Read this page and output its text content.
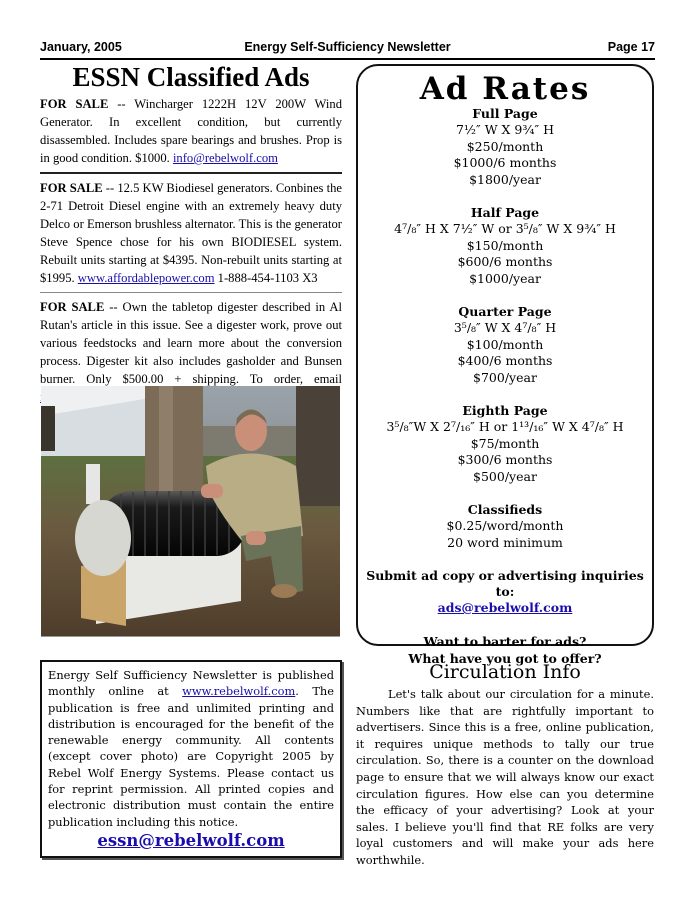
January, 2005	Energy Self-Sufficiency Newsletter	Page 17
ESSN Classified Ads
FOR SALE -- Wincharger 1222H 12V 200W Wind Generator. In excellent condition, but currently disassembled. Includes spare bearings and brushes. Prop is in good condition. $1000. info@rebelwolf.com
FOR SALE -- 12.5 KW Biodiesel generators. Conbines the 2-71 Detroit Diesel engine with an extremely heavy duty Delco or Emerson brushless alternator. This is the generator Steve Spence chose for his own BIODIESEL system. Rebuilt units starting at $4395. Non-rebuilt units starting at $1995. www.affordablepower.com 1-888-454-1103 X3
FOR SALE -- Own the tabletop digester described in Al Rutan's article in this issue. See a digester work, prove out various feedstocks and learn more about the conversion process. Digester kit also includes gasholder and Bunsen burner. Only $500.00 + shipping. To order, email
Ad Rates
Full Page
7½″ W X 9¾″ H
$250/month
$1000/6 months
$1800/year
Half Page
4⁷/₈″ H X 7½″ W or 3⁵/₈″ W X 9¾″ H
$150/month
$600/6 months
$1000/year
Quarter Page
3⁵/₈″ W X 4⁷/₈″ H
$100/month
$400/6 months
$700/year
Eighth Page
3⁵/₈″W X 2⁷/₁₆″ H or 1¹³/₁₆″ W X 4⁷/₈″ H
$75/month
$300/6 months
$500/year
Classifieds
$0.25/word/month
20 word minimum
Submit ad copy or advertising inquiries to:
ads@rebelwolf.com
Want to barter for ads?
What have you got to offer?
Energy Self Sufficiency Newsletter is published monthly online at www.rebelwolf.com. The publication is free and unlimited printing and distribution is encouraged for the benefit of the renewable energy community. All contents (except cover photo) are Copyright 2005 by Rebel Wolf Energy Systems. Please contact us for reprint permission. All printed copies and electronic distribution must contain the entire publication including this notice.
essn@rebelwolf.com
Circulation Info
Let's talk about our circulation for a minute. Numbers like that are rightfully important to advertisers. Since this is a free, online publication, it requires unique methods to tally our true circulation. So, there is a counter on the download page to ensure that we will always know our exact circulation figures. How else can you determine the efficacy of your advertising? Look at your sales. I believe you'll find that RE folks are very loyal customers and will make your ads here worthwhile.
